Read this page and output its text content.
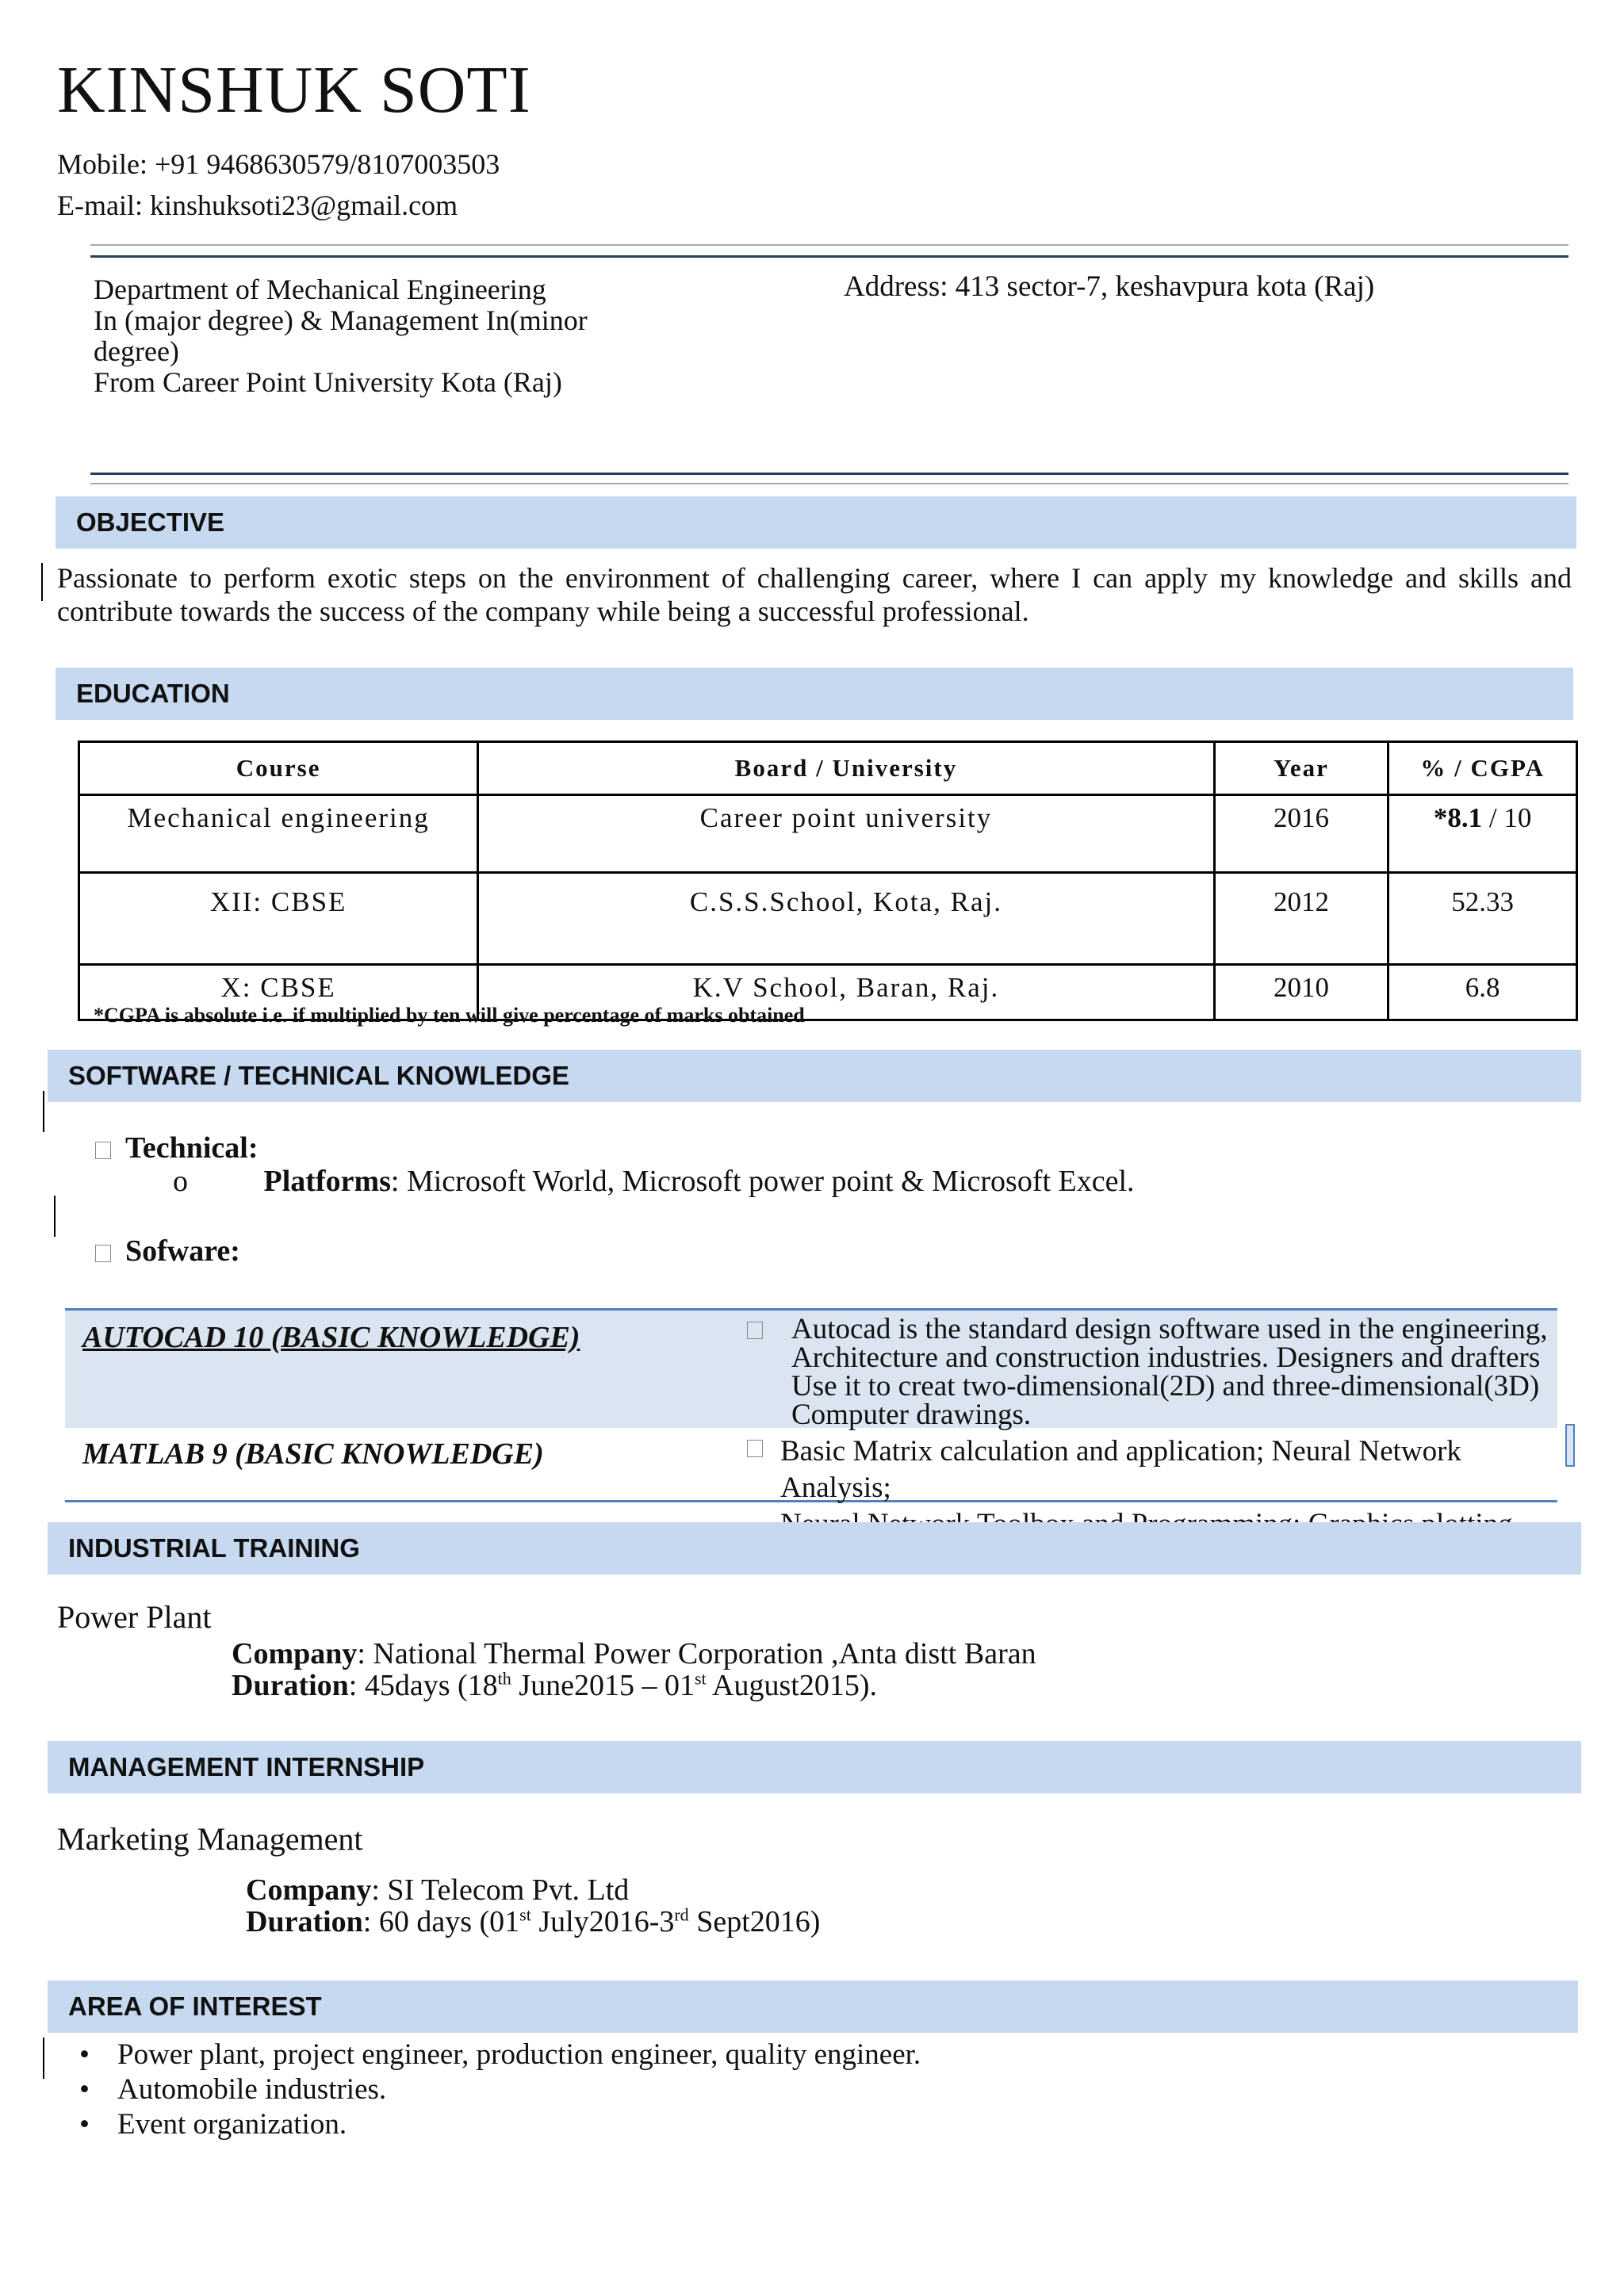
KINSHUK SOTI
Mobile: +91 9468630579/8107003503
E-mail: kinshuksoti23@gmail.com
Department of Mechanical Engineering
In (major degree) & Management In(minor
degree)
From Career Point University Kota (Raj)
Address: 413 sector-7, keshavpura kota (Raj)
OBJECTIVE
Passionate to perform exotic steps on the environment of challenging career, where I can apply my knowledge and skills and contribute towards the success of the company while being a successful professional.
EDUCATION
Course	Board / University	Year	% / CGPA
Mechanical engineering	Career point university	2016	*8.1 / 10
XII: CBSE	C.S.S.School, Kota, Raj.	2012	52.33
X: CBSE	K.V School, Baran, Raj.	2010	6.8
*CGPA is absolute i.e. if multiplied by ten will give percentage of marks obtained
SOFTWARE / TECHNICAL KNOWLEDGE
Technical:
o	Platforms: Microsoft World, Microsoft power point & Microsoft Excel.
Sofware:
AUTOCAD 10 (BASIC KNOWLEDGE)	Autocad is the standard design software used in the engineering,
Architecture and construction industries. Designers and drafters
Use it to creat two-dimensional(2D) and three-dimensional(3D)
Computer drawings.
MATLAB 9 (BASIC KNOWLEDGE)	Basic Matrix calculation and application; Neural Network Analysis;
INDUSTRIAL TRAINING
Power Plant
Company: National Thermal Power Corporation ,Anta distt Baran
Duration: 45days (18th June2015 – 01st August2015).
MANAGEMENT INTERNSHIP
Marketing Management
Company: SI Telecom Pvt. Ltd
Duration: 60 days (01st July2016-3rd Sept2016)
AREA OF INTEREST
• Power plant, project engineer, production engineer, quality engineer.
• Automobile industries.
• Event organization.
